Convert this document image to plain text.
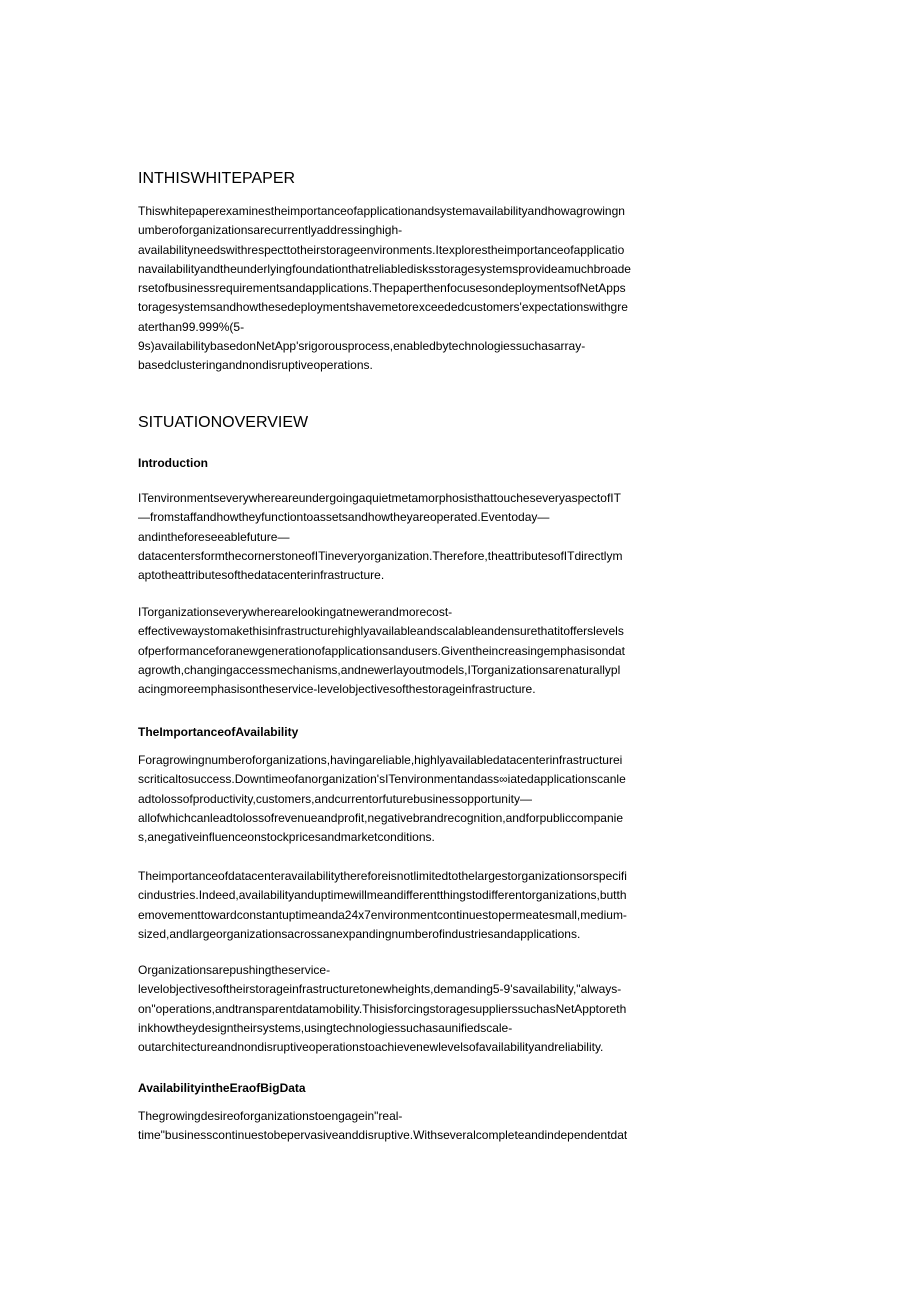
INTHISWHITEPAPER

Thiswhitepaperexaminestheimportanceofapplicationandsystemavailabilityandhowagrowingn
umberoforganizationsarecurrentlyaddressinghigh-
availabilityneedswithrespecttotheirstorageenvironments.Itexplorestheimportanceofapplicatio
navailabilityandtheunderlyingfoundationthatreliabledisksstoragesystemsprovideamuchbroade
rsetofbusinessrequirementsandapplications.ThepaperthenfocusesondeploymentsofNetApps
toragesystemsandhowthesedeploymentshavemetorexceededcustomers'expectationswithgre
aterthan99.999%(5-
9s)availabilitybasedonNetApp'srigorousprocess,enabledbytechnologiessuchasarray-
basedclusteringandnondisruptiveoperations.

SITUATIONOVERVIEW
Introduction

ITenvironmentseverywhereareundergoingaquietmetamorphosisthattoucheseveryaspectofIT
—fromstaffandhowtheyfunctiontoassetsandhowtheyareoperated.Eventoday—
andintheforeseeablefuture—
datacentersformthecornerstoneofITineveryorganization.Therefore,theattributesofITdirectlym
aptotheattributesofthedatacenterinfrastructure.

ITorganizationseverywherearelookingatnewerandmorecost-
effectivewaystomakethisinfrastructurehighlyavailableandscalableandensurethatitofferslevels
ofperformanceforanewgenerationofapplicationsandusers.Giventheincreasingemphasisondat
agrowth,changingaccessmechanisms,andnewerlayoutmodels,ITorganizationsarenaturallypl
acingmoreemphasisontheservice-levelobjectivesofthestorageinfrastructure.

TheImportanceofAvailability

Foragrowingnumberoforganizations,havingareliable,highlyavailabledatacenterinfrastructurei
scriticaltosuccess.Downtimeofanorganization'sITenvironmentandass∞iatedapplicationscanle
adtolossofproductivity,customers,andcurrentorfuturebusinessopportunity—
allofwhichcanleadtolossofrevenueandprofit,negativebrandrecognition,andforpubliccompanie
s,anegativeinfluenceonstockpricesandmarketconditions.

Theimportanceofdatacenteravailabilitythereforeisnotlimitedtothelargestorganizationsorspecifi
cindustries.Indeed,availabilityanduptimewillmeandifferentthingstodifferentorganizations,butth
emovementtowardconstantuptimeanda24x7environmentcontinuestopermeatesmall,medium-
sized,andlargeorganizationsacrossanexpandingnumberofindustriesandapplications.

Organizationsarepushingtheservice-
levelobjectivesoftheirstorageinfrastructuretonewheights,demanding5-9'savailability,"always-
on"operations,andtransparentdatamobility.ThisisforcingstoragesupplierssuchasNetApptoreth
inkhowtheydesigntheirsystems,usingtechnologiessuchasaunifiedscale-
outarchitectureandnondisruptiveoperationstoachievenewlevelsofavailabilityandreliability.

AvailabilityintheEraofBigData

Thegrowingdesireoforganizationstoengagein"real-
time"businesscontinuestobepervasiveanddisruptive.Withseveralcompleteandindependentdat
